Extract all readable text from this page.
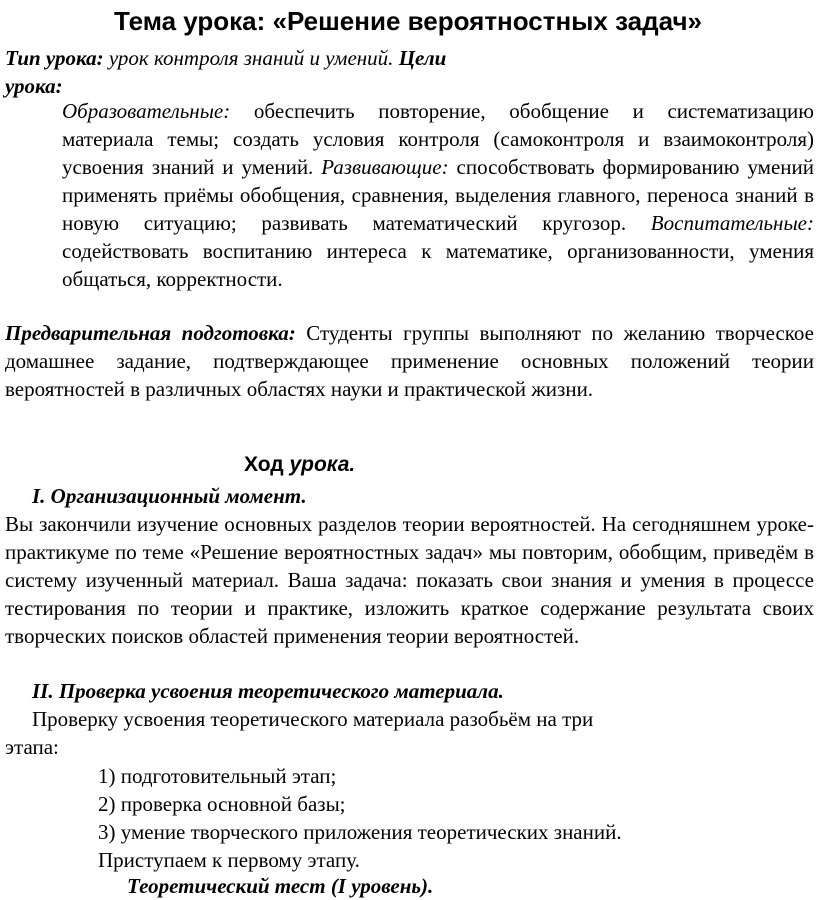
Тема урока: «Решение вероятностных задач»

Тип урока: урок контроля знаний и умений. Цели

урока:

Образовательные: обеспечить повторение, обобщение и систематизацию материала темы; создать условия контроля (самоконтроля и взаимоконтроля) усвоения знаний и умений. Развивающие: способствовать формированию умений применять приёмы обобщения, сравнения, выделения главного, переноса знаний в новую ситуацию; развивать математический кругозор. Воспитательные: содействовать воспитанию интереса к математике, организованности, умения общаться, корректности.

Предварительная подготовка: Студенты группы выполняют по желанию творческое домашнее задание, подтверждающее применение основных положений теории вероятностей в различных областях науки и практической жизни.

Ход урока.

I. Организационный момент.

Вы закончили изучение основных разделов теории вероятностей. На сегодняшнем уроке-практикуме по теме «Решение вероятностных задач» мы повторим, обобщим, приведём в систему изученный материал. Ваша задача: показать свои знания и умения в процессе тестирования по теории и практике, изложить краткое содержание результата своих творческих поисков областей применения теории вероятностей.

II. Проверка усвоения теоретического материала.

Проверку усвоения теоретического материала разобьём на три

этапа:

1) подготовительный этап;

2) проверка основной базы;

3) умение творческого приложения теоретических знаний.

Приступаем к первому этапу.

Теоретический тест (I уровень).
